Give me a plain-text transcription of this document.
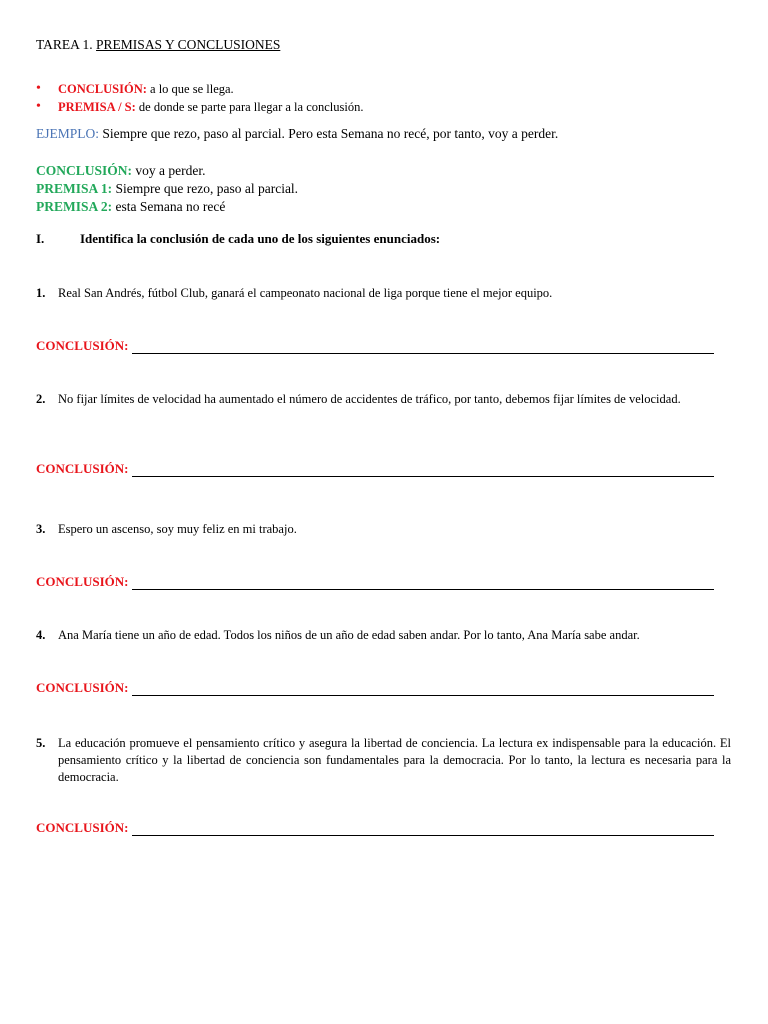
TAREA 1. PREMISAS Y CONCLUSIONES
• CONCLUSIÓN: a lo que se llega.
• PREMISA / S: de donde se parte para llegar a la conclusión.
EJEMPLO: Siempre que rezo, paso al parcial. Pero esta Semana no recé, por tanto, voy a perder.
CONCLUSIÓN: voy a perder.
PREMISA 1: Siempre que rezo, paso al parcial.
PREMISA 2: esta Semana no recé
I.	Identifica la conclusión de cada uno de los siguientes enunciados:
1. Real San Andrés, fútbol Club, ganará el campeonato nacional de liga porque tiene el mejor equipo.
CONCLUSIÓN:
2. No fijar límites de velocidad ha aumentado el número de accidentes de tráfico, por tanto, debemos fijar límites de velocidad.
CONCLUSIÓN:
3. Espero un ascenso, soy muy feliz en mi trabajo.
CONCLUSIÓN:
4. Ana María tiene un año de edad. Todos los niños de un año de edad saben andar. Por lo tanto, Ana María sabe andar.
CONCLUSIÓN:
5. La educación promueve el pensamiento crítico y asegura la libertad de conciencia. La lectura ex indispensable para la educación. El pensamiento crítico y la libertad de conciencia son fundamentales para la democracia. Por lo tanto, la lectura es necesaria para la democracia.
CONCLUSIÓN:
